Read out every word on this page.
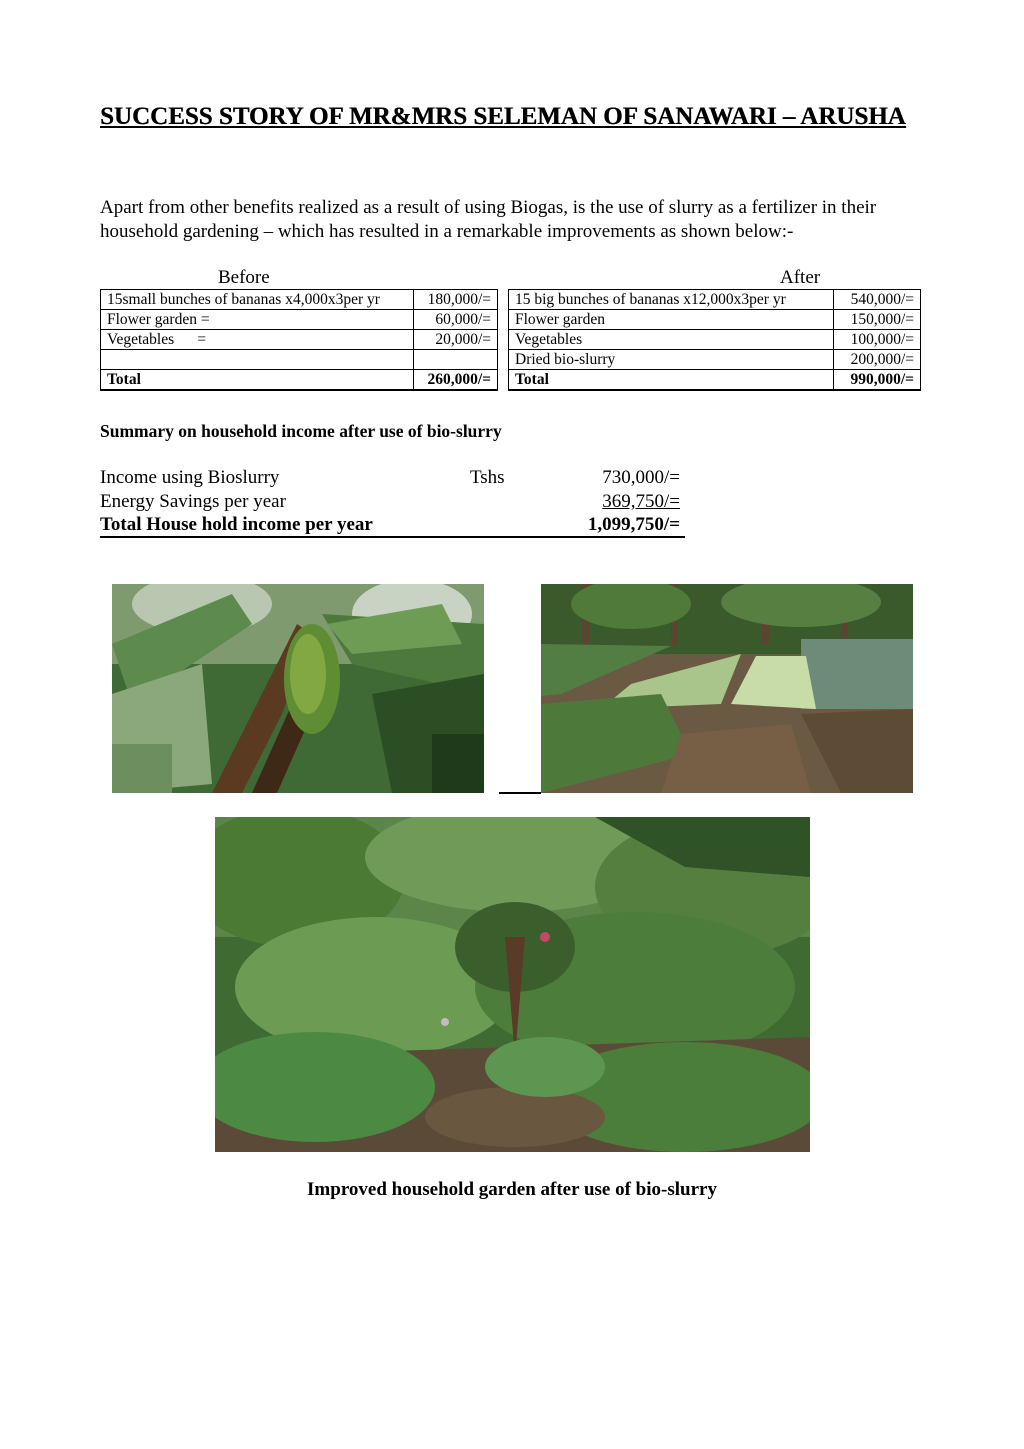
SUCCESS STORY OF MR&MRS SELEMAN OF SANAWARI – ARUSHA
Apart from other benefits realized as a result of using Biogas, is the use of slurry as a fertilizer in their household gardening – which has resulted in a remarkable improvements as shown below:-
Before	After
15small bunches of bananas x4,000x3per yr	180,000/=
Flower garden =	60,000/=
Vegetables      =	20,000/=

Total	260,000/=
15 big bunches of bananas x12,000x3per yr	540,000/=
Flower garden	150,000/=
Vegetables	100,000/=
Dried bio-slurry	200,000/=
Total	990,000/=
Summary on household income after use of bio-slurry
Income using Bioslurry	Tshs	730,000/=
Energy Savings per year	369,750/=
Total House hold income per year	1,099,750/=
Improved household garden after use of bio-slurry
